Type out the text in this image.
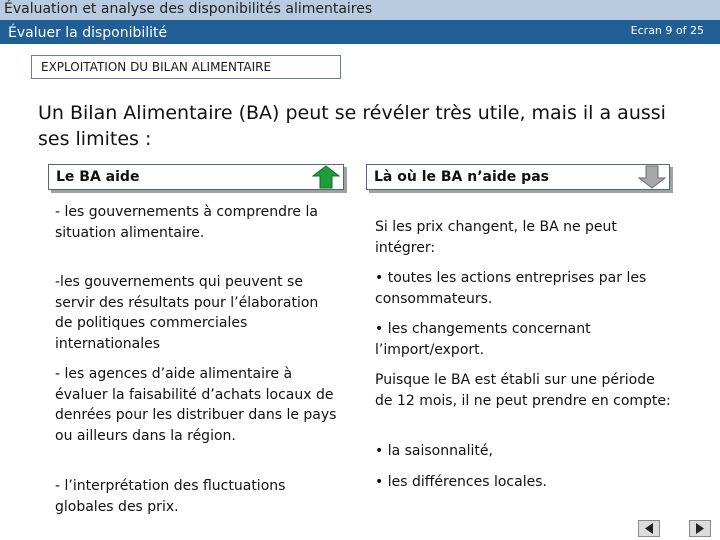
Évaluation et analyse des disponibilités alimentaires
Évaluer la disponibilité	Ecran 9 of 25
EXPLOITATION DU BILAN ALIMENTAIRE
Un Bilan Alimentaire (BA) peut se révéler très utile, mais il a aussi ses limites :
Le BA aide	Là où le BA n’aide pas
- les gouvernements à comprendre la situation alimentaire.
-les gouvernements qui peuvent se servir des résultats pour l’élaboration de politiques commerciales internationales
- les agences d’aide alimentaire à évaluer la faisabilité d’achats locaux de denrées pour les distribuer dans le pays ou ailleurs dans la région.
- l’interprétation des fluctuations globales des prix.
Si les prix changent, le BA ne peut intégrer:
• toutes les actions entreprises par les consommateurs.
• les changements concernant l’import/export.
Puisque le BA est établi sur une période de 12 mois, il ne peut prendre en compte:
• la saisonnalité,
• les différences locales.
